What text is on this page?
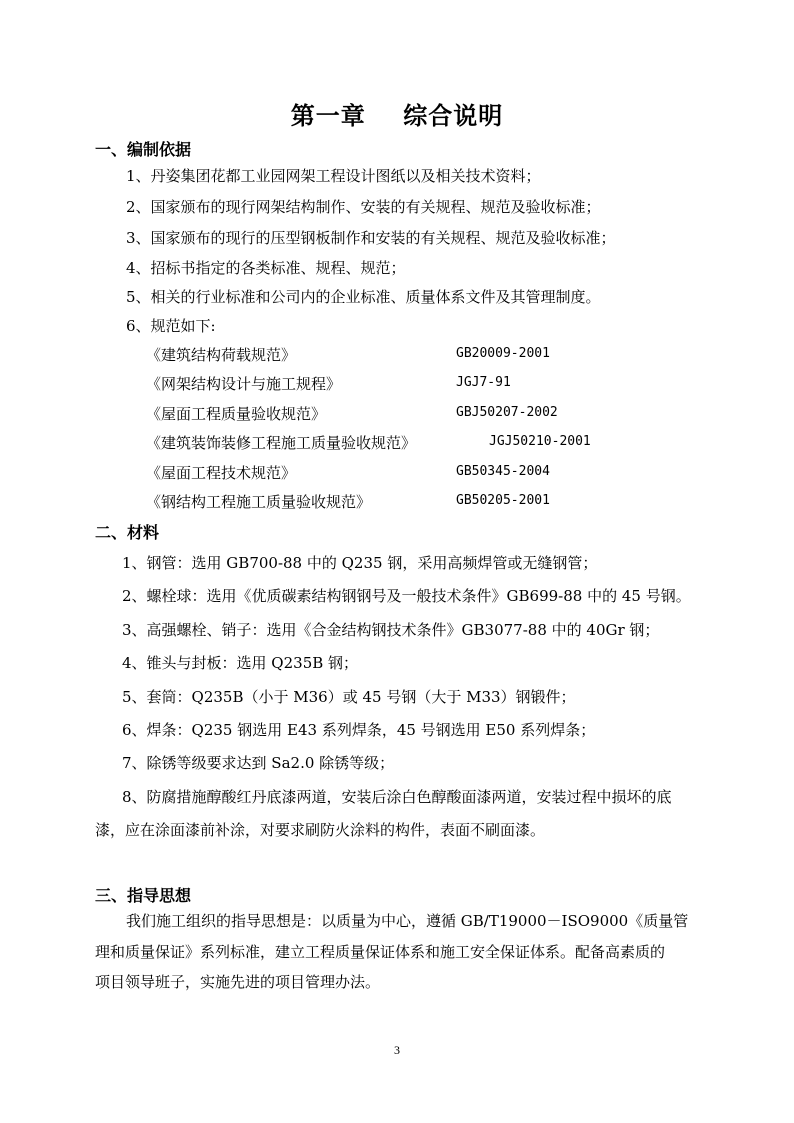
第一章    综合说明
一、编制依据
1、丹姿集团花都工业园网架工程设计图纸以及相关技术资料；
2、国家颁布的现行网架结构制作、安装的有关规程、规范及验收标准；
3、国家颁布的现行的压型钢板制作和安装的有关规程、规范及验收标准；
4、招标书指定的各类标准、规程、规范；
5、相关的行业标准和公司内的企业标准、质量体系文件及其管理制度。
6、规范如下:
《建筑结构荷载规范》	GB20009-2001
《网架结构设计与施工规程》	JGJ7-91
《屋面工程质量验收规范》	GBJ50207-2002
《建筑装饰装修工程施工质量验收规范》	JGJ50210-2001
《屋面工程技术规范》	GB50345-2004
《钢结构工程施工质量验收规范》	GB50205-2001
二、材料
1、钢管：选用 GB700-88 中的 Q235 钢，采用高频焊管或无缝钢管；
2、螺栓球：选用《优质碳素结构钢钢号及一般技术条件》GB699-88 中的 45 号钢。
3、高强螺栓、销子：选用《合金结构钢技术条件》GB3077-88 中的 40Gr 钢；
4、锥头与封板：选用 Q235B 钢；
5、套筒：Q235B（小于 M36）或 45 号钢（大于 M33）钢锻件；
6、焊条：Q235 钢选用 E43 系列焊条，45 号钢选用 E50 系列焊条；
7、除锈等级要求达到 Sa2.0 除锈等级；
8、防腐措施醇酸红丹底漆两道，安装后涂白色醇酸面漆两道，安装过程中损坏的底
漆，应在涂面漆前补涂，对要求刷防火涂料的构件，表面不刷面漆。
三、指导思想
我们施工组织的指导思想是：以质量为中心，遵循 GB/T19000－ISO9000《质量管
理和质量保证》系列标准，建立工程质量保证体系和施工安全保证体系。配备高素质的
项目领导班子，实施先进的项目管理办法。
3
